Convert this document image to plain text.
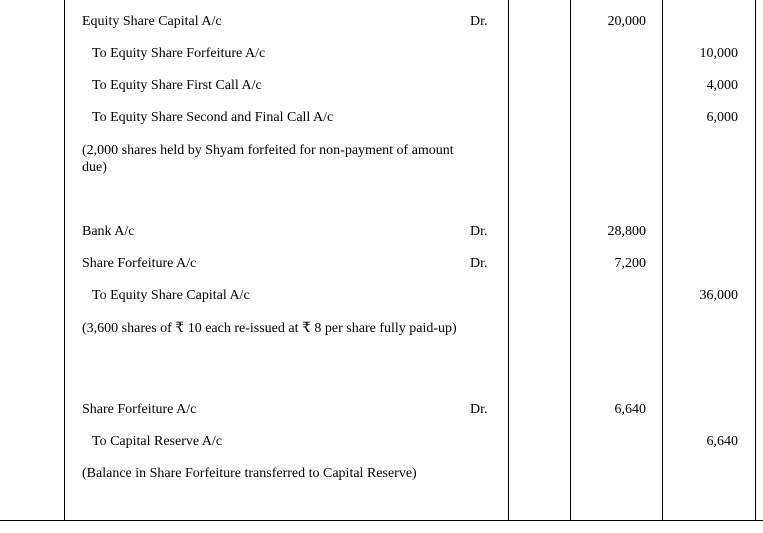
Equity Share Capital A/c	Dr.	20,000
To Equity Share Forfeiture A/c	10,000
To Equity Share First Call A/c	4,000
To Equity Share Second and Final Call A/c	6,000
(2,000 shares held by Shyam forfeited for non-payment of amount due)
Bank A/c	Dr.	28,800
Share Forfeiture A/c	Dr.	7,200
To Equity Share Capital A/c	36,000
(3,600 shares of ₹ 10 each re-issued at ₹ 8 per share fully paid-up)
Share Forfeiture A/c	Dr.	6,640
To Capital Reserve A/c	6,640
(Balance in Share Forfeiture transferred to Capital Reserve)
